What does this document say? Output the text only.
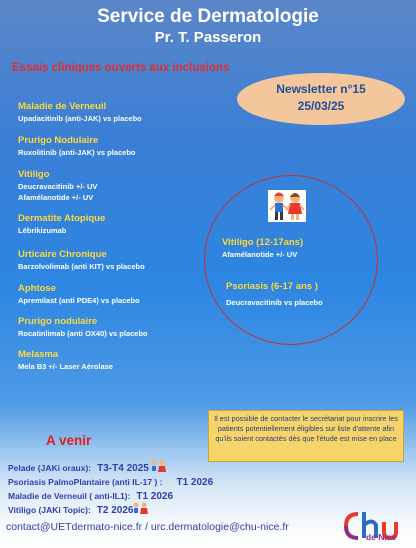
Service de Dermatologie
Pr. T. Passeron
Essais cliniques ouverts aux inclusions
Newsletter n°15
25/03/25
Maladie de Verneuil
Upadacitinib (anti-JAK) vs placebo
Prurigo Nodulaire
Ruxolitinib (anti-JAK) vs placebo
Vitiligo
Deucravacitinib +/- UV
Afamélanotide +/- UV
Dermatite Atopique
Lébrikizumab
Urticaire Chronique
Barzolvolimab (anti KIT) vs placebo
Aphtose
Apremilast (anti PDE4) vs placebo
Prurigo nodulaire
Rocatinlimab (anti OX40) vs placebo
Melasma
Mela B3 +/- Laser Aérolase
Vitiligo (12-17ans)
Afamélanotide +/- UV
Psoriasis (6-17 ans )
Deucravacitinib vs placebo
Il est possible de contacter le secrétariat pour inscrire les patients potentiellement éligibles sur liste d'attente afin qu'ils soient contactés dès que l'étude est mise en place
A venir
Pelade (JAKi oraux): T3-T4 2025
Psoriasis PalmoPlantaire (anti IL-17 ) : T1 2026
Maladie de Verneuil ( anti-IL1): T1 2026
Vitiligo (JAKi Topic): T2 2026
contact@UETdermato-nice.fr / urc.dermatologie@chu-nice.fr
de Nice
